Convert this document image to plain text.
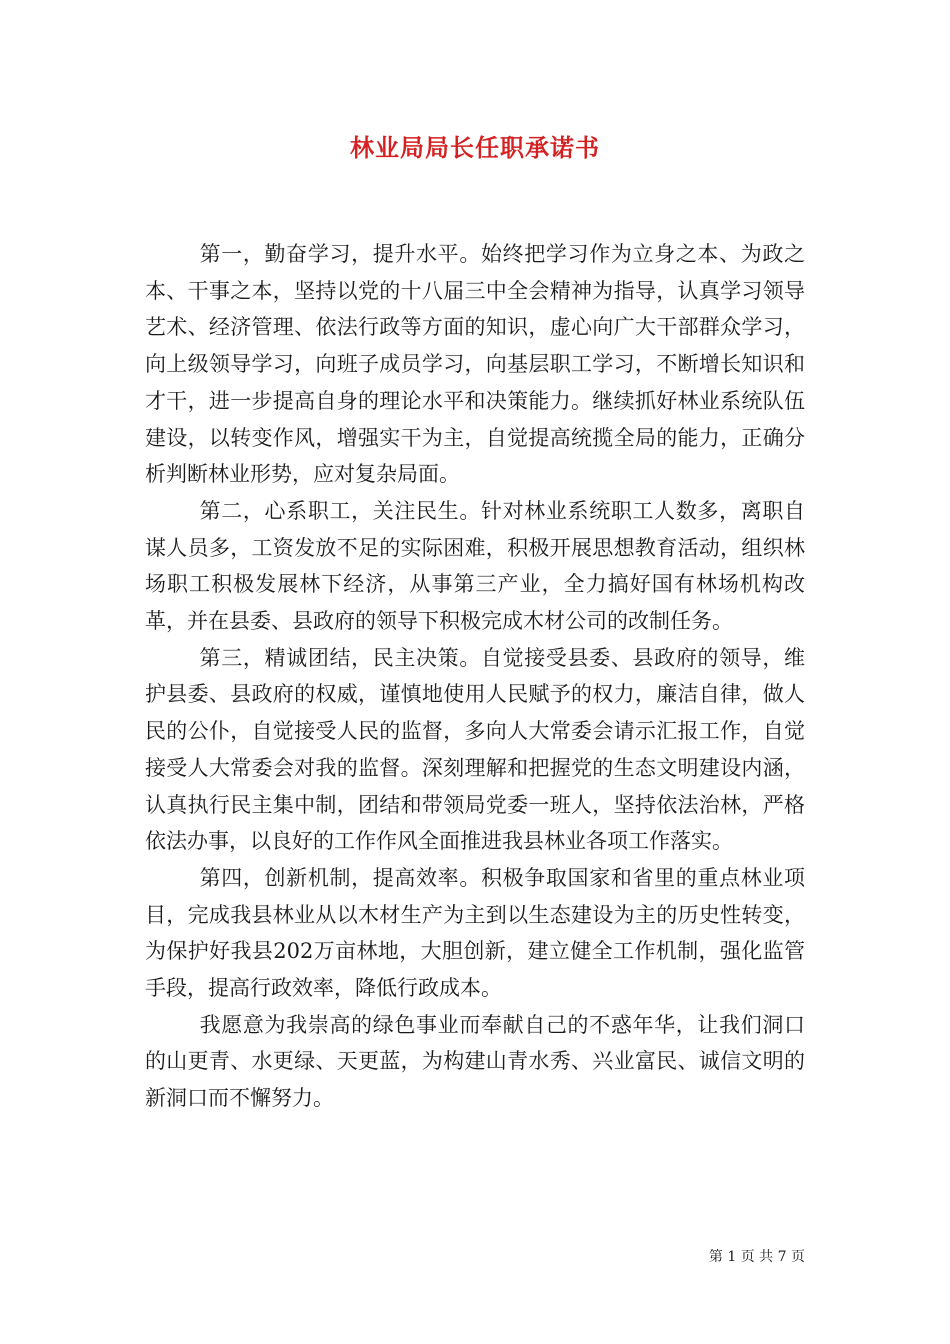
林业局局长任职承诺书

第一，勤奋学习，提升水平。始终把学习作为立身之本、为政之本、干事之本，坚持以党的十八届三中全会精神为指导，认真学习领导艺术、经济管理、依法行政等方面的知识，虚心向广大干部群众学习，向上级领导学习，向班子成员学习，向基层职工学习，不断增长知识和才干，进一步提高自身的理论水平和决策能力。继续抓好林业系统队伍建设，以转变作风，增强实干为主，自觉提高统揽全局的能力，正确分析判断林业形势，应对复杂局面。

第二，心系职工，关注民生。针对林业系统职工人数多，离职自谋人员多，工资发放不足的实际困难，积极开展思想教育活动，组织林场职工积极发展林下经济，从事第三产业，全力搞好国有林场机构改革，并在县委、县政府的领导下积极完成木材公司的改制任务。

第三，精诚团结，民主决策。自觉接受县委、县政府的领导，维护县委、县政府的权威，谨慎地使用人民赋予的权力，廉洁自律，做人民的公仆，自觉接受人民的监督，多向人大常委会请示汇报工作，自觉接受人大常委会对我的监督。深刻理解和把握党的生态文明建设内涵，认真执行民主集中制，团结和带领局党委一班人，坚持依法治林，严格依法办事，以良好的工作作风全面推进我县林业各项工作落实。

第四，创新机制，提高效率。积极争取国家和省里的重点林业项目，完成我县林业从以木材生产为主到以生态建设为主的历史性转变，为保护好我县202万亩林地，大胆创新，建立健全工作机制，强化监管手段，提高行政效率，降低行政成本。

我愿意为我崇高的绿色事业而奉献自己的不惑年华，让我们洞口的山更青、水更绿、天更蓝，为构建山青水秀、兴业富民、诚信文明的新洞口而不懈努力。

第 1 页 共 7 页
